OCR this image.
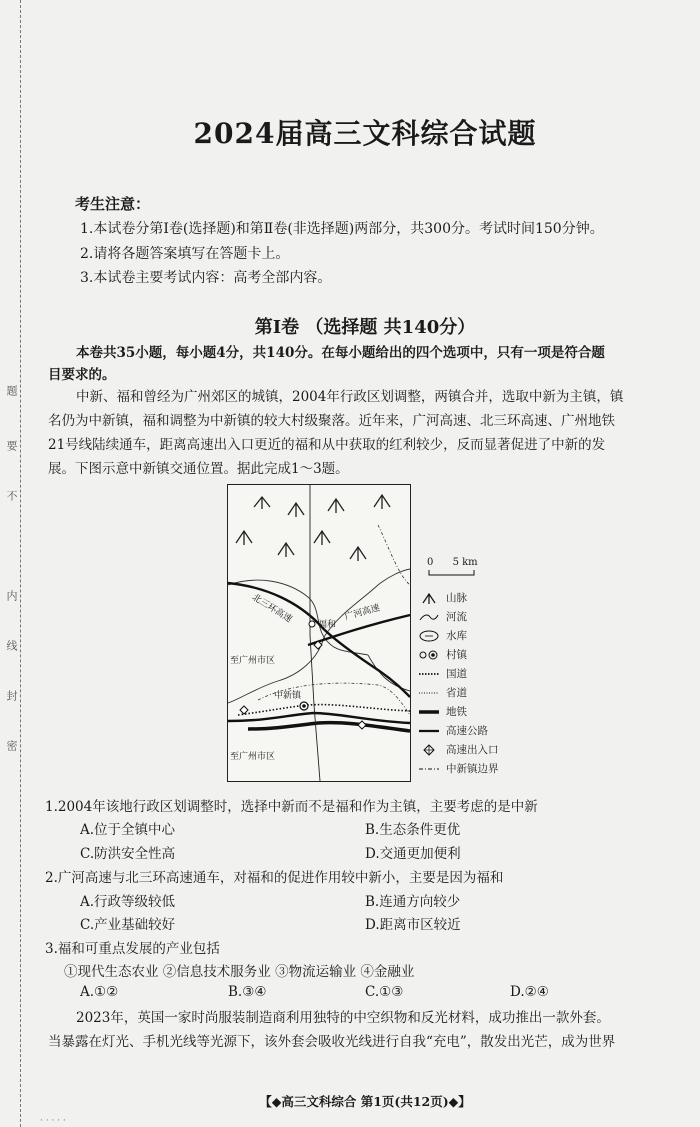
题
要
不
内
线
封
密
2024届高三文科综合试题
考生注意：
1.本试卷分第Ⅰ卷(选择题)和第Ⅱ卷(非选择题)两部分，共300分。考试时间150分钟。
2.请将各题答案填写在答题卡上。
3.本试卷主要考试内容：高考全部内容。
第Ⅰ卷 （选择题 共140分）
本卷共35小题，每小题4分，共140分。在每小题给出的四个选项中，只有一项是符合题
目要求的。
中新、福和曾经为广州郊区的城镇，2004年行政区划调整，两镇合并，选取中新为主镇，镇
名仍为中新镇，福和调整为中新镇的较大村级聚落。近年来，广河高速、北三环高速、广州地铁
21号线陆续通车，距离高速出入口更近的福和从中获取的红利较少，反而显著促进了中新的发
展。下图示意中新镇交通位置。据此完成1～3题。
北三环高速
福和
广河高速
至广州市区
中新镇
至广州市区
0 5 km
山脉
河流
水库
村镇
国道
省道
地铁
高速公路
高速出入口
中新镇边界
1.2004年该地行政区划调整时，选择中新而不是福和作为主镇，主要考虑的是中新
A.位于全镇中心	B.生态条件更优
C.防洪安全性高	D.交通更加便利
2.广河高速与北三环高速通车，对福和的促进作用较中新小，主要是因为福和
A.行政等级较低	B.连通方向较少
C.产业基础较好	D.距离市区较近
3.福和可重点发展的产业包括
①现代生态农业 ②信息技术服务业 ③物流运输业 ④金融业
A.①②	B.③④	C.①③	D.②④
2023年，英国一家时尚服装制造商利用独特的中空织物和反光材料，成功推出一款外套。
当暴露在灯光、手机光线等光源下，该外套会吸收光线进行自我“充电”，散发出光芒，成为世界
【◆高三文科综合 第1页(共12页)◆】
· · · · ·
